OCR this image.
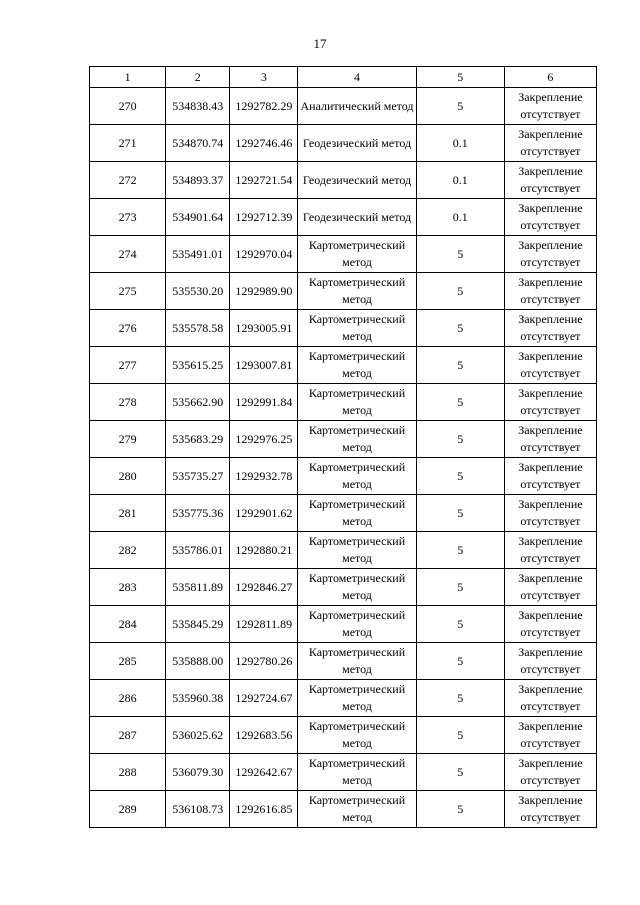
17
1	2	3	4	5	6
270	534838.43	1292782.29	Аналитический метод	5	Закрепление отсутствует
271	534870.74	1292746.46	Геодезический метод	0.1	Закрепление отсутствует
272	534893.37	1292721.54	Геодезический метод	0.1	Закрепление отсутствует
273	534901.64	1292712.39	Геодезический метод	0.1	Закрепление отсутствует
274	535491.01	1292970.04	Картометрический метод	5	Закрепление отсутствует
275	535530.20	1292989.90	Картометрический метод	5	Закрепление отсутствует
276	535578.58	1293005.91	Картометрический метод	5	Закрепление отсутствует
277	535615.25	1293007.81	Картометрический метод	5	Закрепление отсутствует
278	535662.90	1292991.84	Картометрический метод	5	Закрепление отсутствует
279	535683.29	1292976.25	Картометрический метод	5	Закрепление отсутствует
280	535735.27	1292932.78	Картометрический метод	5	Закрепление отсутствует
281	535775.36	1292901.62	Картометрический метод	5	Закрепление отсутствует
282	535786.01	1292880.21	Картометрический метод	5	Закрепление отсутствует
283	535811.89	1292846.27	Картометрический метод	5	Закрепление отсутствует
284	535845.29	1292811.89	Картометрический метод	5	Закрепление отсутствует
285	535888.00	1292780.26	Картометрический метод	5	Закрепление отсутствует
286	535960.38	1292724.67	Картометрический метод	5	Закрепление отсутствует
287	536025.62	1292683.56	Картометрический метод	5	Закрепление отсутствует
288	536079.30	1292642.67	Картометрический метод	5	Закрепление отсутствует
289	536108.73	1292616.85	Картометрический метод	5	Закрепление отсутствует
